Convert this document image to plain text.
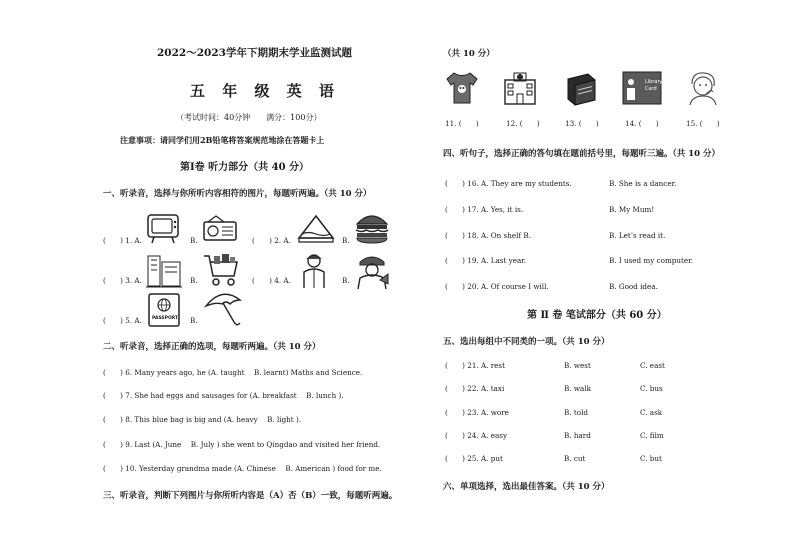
2022～2023学年下期期末学业监测试题
五 年 级 英 语
（考试时间：40分钟　　满分：100分）
注意事项：请同学们用2B铅笔将答案规范地涂在答题卡上
第Ⅰ卷 听力部分（共 40 分）
一、听录音，选择与你所听内容相符的图片，每题听两遍。（共 10 分）
(　　) 1. A.	B.	(　　) 2. A.	B.
(　　) 3. A.	B.	(　　) 4. A.	B.
(　　) 5. A. PASSPORT B.
二、听录音，选择正确的选项，每题听两遍。（共 10 分）
(　　) 6. Many years ago, he (A. taught　 B. learnt) Maths and Science.
(　　) 7. She had eggs and sausages for (A. breakfast　 B. lunch ).
(　　) 8. This blue bag is big and (A. heavy　 B. light ).
(　　) 9. Last (A. June　 B. July ) she went to Qingdao and visited her friend.
(　　) 10. Yesterday grandma made (A. Chinese　 B. American ) food for me.
三、听录音，判断下列图片与你所听内容是（A）否（B）一致，每题听两遍。
（共 10 分）
Library Card
11. (　　)	12. (　　)	13. (　　)	14. (　　)	15. (　　)
四、听句子，选择正确的答句填在题前括号里，每题听三遍。（共 10 分）
(　　) 16. A. They are my students.	B. She is a dancer.
(　　) 17. A. Yes, it is.	B. My Mum!
(　　) 18. A. On shelf B.	B. Let’s read it.
(　　) 19. A. Last year.	B. I used my computer.
(　　) 20. A. Of course I will.	B. Good idea.
第 Ⅱ 卷 笔试部分（共 60 分）
五、选出每组中不同类的一项。（共 10 分）
(　　) 21. A. rest	B. west	C. east
(　　) 22. A. taxi	B. walk	C. bus
(　　) 23. A. wore	B. told	C. ask
(　　) 24. A. easy	B. hard	C. film
(　　) 25. A. put	B. cut	C. but
六、单项选择，选出最佳答案。（共 10 分）
